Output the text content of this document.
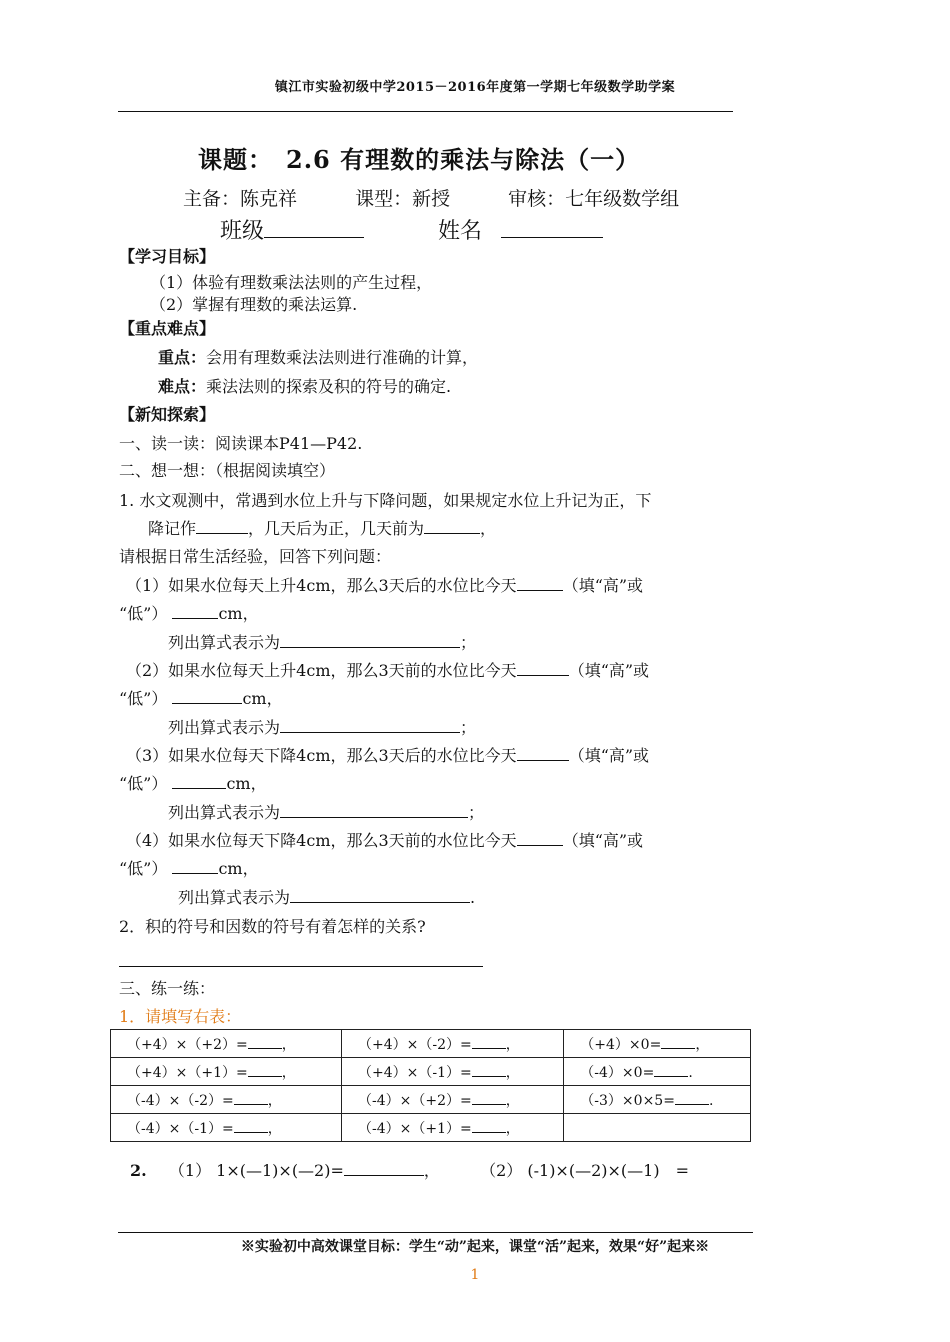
镇江市实验初级中学2015－2016年度第一学期七年级数学助学案
课题：　2.6 有理数的乘法与除法（一）
主备：陈克祥	课型：新授	审核：七年级数学组
班级	姓名
【学习目标】
（1）体验有理数乘法法则的产生过程，
（2）掌握有理数的乘法运算.
【重点难点】
重点：会用有理数乘法法则进行准确的计算，
难点：乘法法则的探索及积的符号的确定.
【新知探索】
一、读一读：阅读课本P41—P42.
二、想一想：（根据阅读填空）
1. 水文观测中，常遇到水位上升与下降问题，如果规定水位上升记为正，下
降记作	，几天后为正，几天前为	，
请根据日常生活经验，回答下列问题：
（1）如果水位每天上升4cm，那么3天后的水位比今天	（填“高”或
“低”）	cm，
列出算式表示为	；
（2）如果水位每天上升4cm，那么3天前的水位比今天	（填“高”或
“低”）	cm，
列出算式表示为	；
（3）如果水位每天下降4cm，那么3天后的水位比今天	（填“高”或
“低”）	cm，
列出算式表示为	；
（4）如果水位每天下降4cm，那么3天前的水位比今天	（填“高”或
“低”）	cm，
列出算式表示为	.
2．积的符号和因数的符号有着怎样的关系?
三、练一练：
1．请填写右表：
（+4）×（+2）= ，	（+4）×（-2）= ，	（+4）×0= ，
（+4）×（+1）= ，	（+4）×（-1）= ，	（-4）×0= .
（-4）×（-2）= ，	（-4）×（+2）= ，	（-3）×0×5= .
（-4）×（-1）= ，	（-4）×（+1）= ，	
2. （1） 1×(—1)×(—2)=	，	（2） (-1)×(—2)×(—1)　=
※实验初中高效课堂目标：学生“动”起来，课堂“活”起来，效果“好”起来※
1
